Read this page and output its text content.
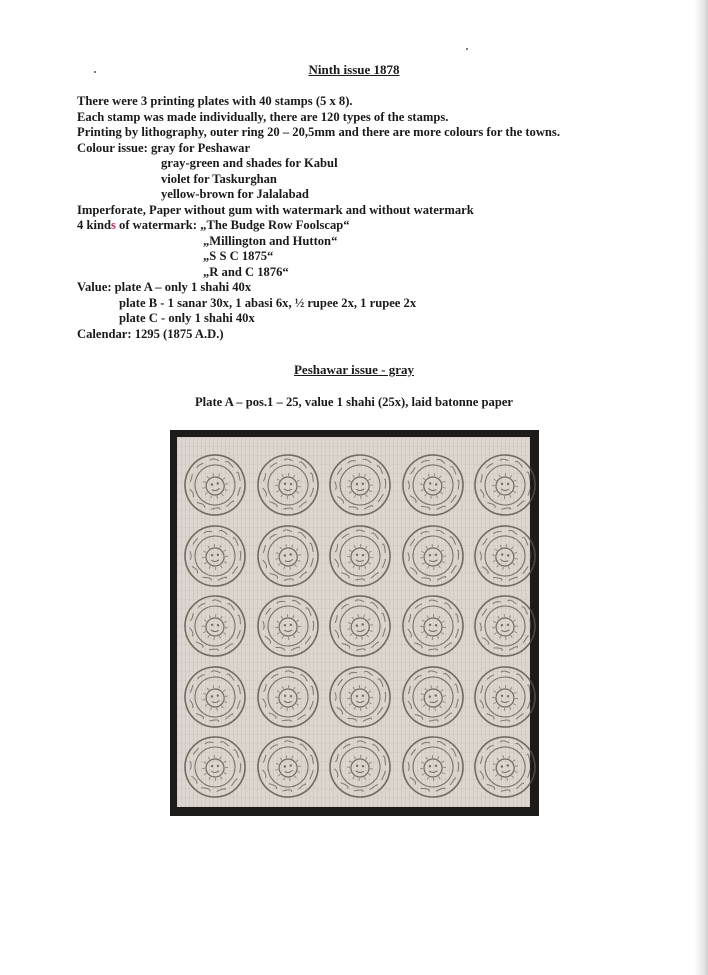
Ninth issue 1878
There were 3 printing plates with 40 stamps (5 x 8).
Each stamp was made individually, there are 120 types of the stamps.
Printing by lithography, outer ring 20 – 20,5mm and there are more colours for the towns.
Colour issue: gray for Peshawar
gray-green and shades for Kabul
violet for Taskurghan
yellow-brown for Jalalabad
Imperforate, Paper without gum with watermark and without watermark
4 kinds of watermark: „The Budge Row Foolscap“
„Millington and Hutton“
„S S C 1875“
„R and C 1876“
Value: plate A – only 1 shahi 40x
plate B - 1 sanar 30x, 1 abasi 6x, ½ rupee 2x, 1 rupee 2x
plate C - only 1 shahi 40x
Calendar: 1295 (1875 A.D.)
Peshawar issue - gray
Plate A – pos.1 – 25, value 1 shahi (25x), laid batonne paper
